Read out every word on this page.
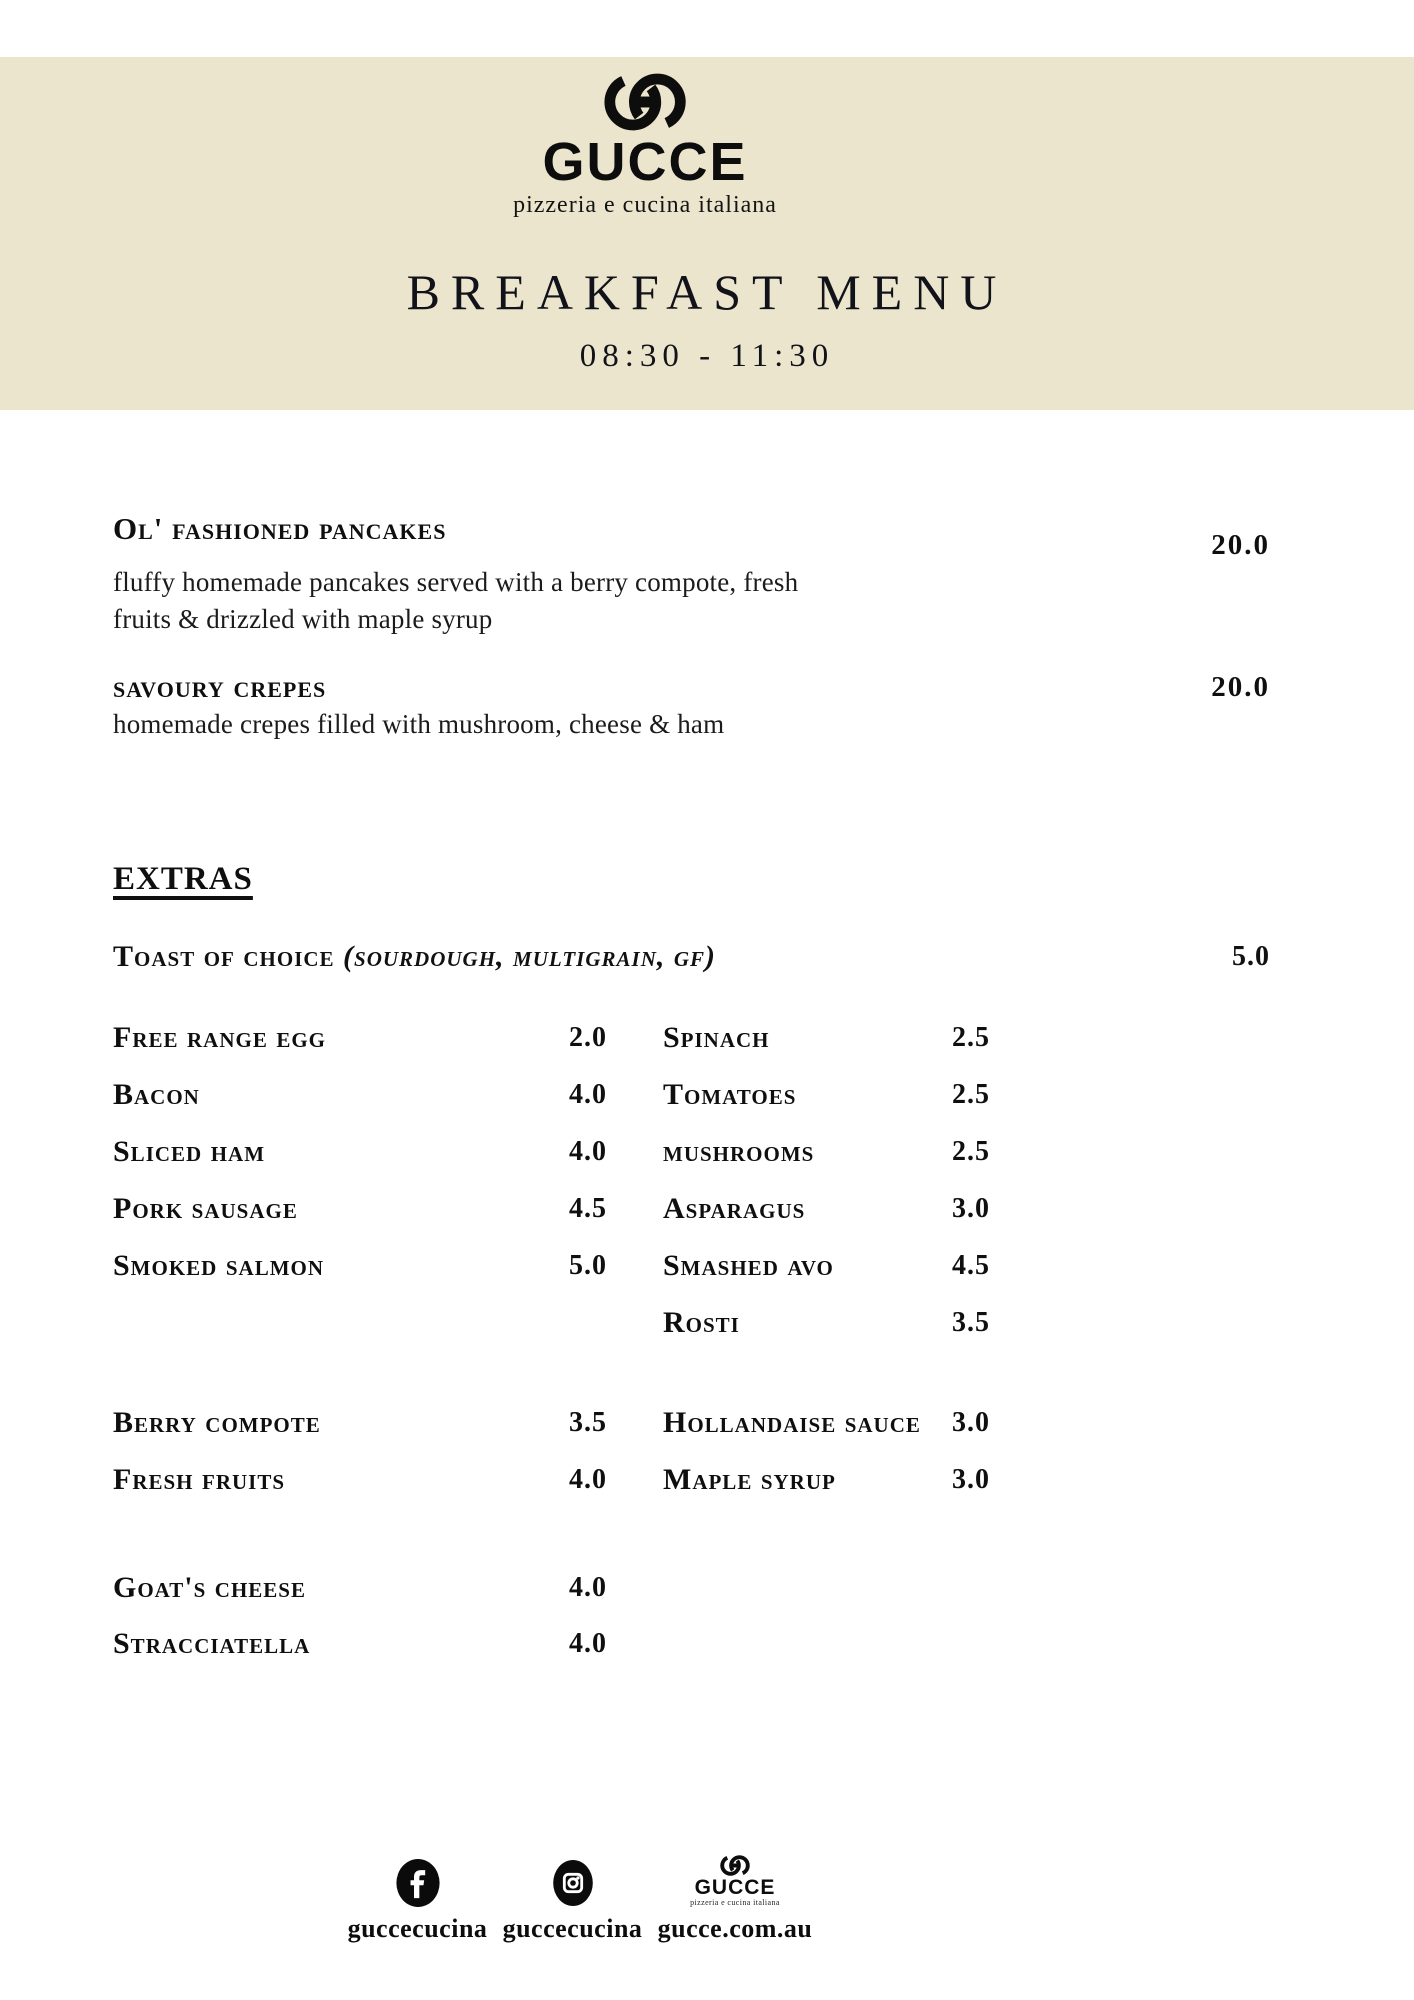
GUCCE
pizzeria e cucina italiana
BREAKFAST MENU
08:30 - 11:30
Ol' fashioned pancakes	20.0
fluffy homemade pancakes served with a berry compote, fresh fruits & drizzled with maple syrup
savoury crepes	20.0
homemade crepes filled with mushroom, cheese & ham
EXTRAS
Toast of choice (sourdough, multigrain, gf)	5.0
Free range egg	2.0 Spinach	2.5
Bacon	4.0 Tomatoes	2.5
Sliced ham	4.0 mushrooms	2.5
Pork sausage	4.5 Asparagus	3.0
Smoked salmon	5.0 Smashed avo	4.5
Rosti	3.5
Berry compote	3.5 Hollandaise sauce	3.0
Fresh fruits	4.0 Maple syrup	3.0
Goat's cheese	4.0
Stracciatella	4.0
guccecucina guccecucina
GUCCE
pizzeria e cucina italiana
gucce.com.au
